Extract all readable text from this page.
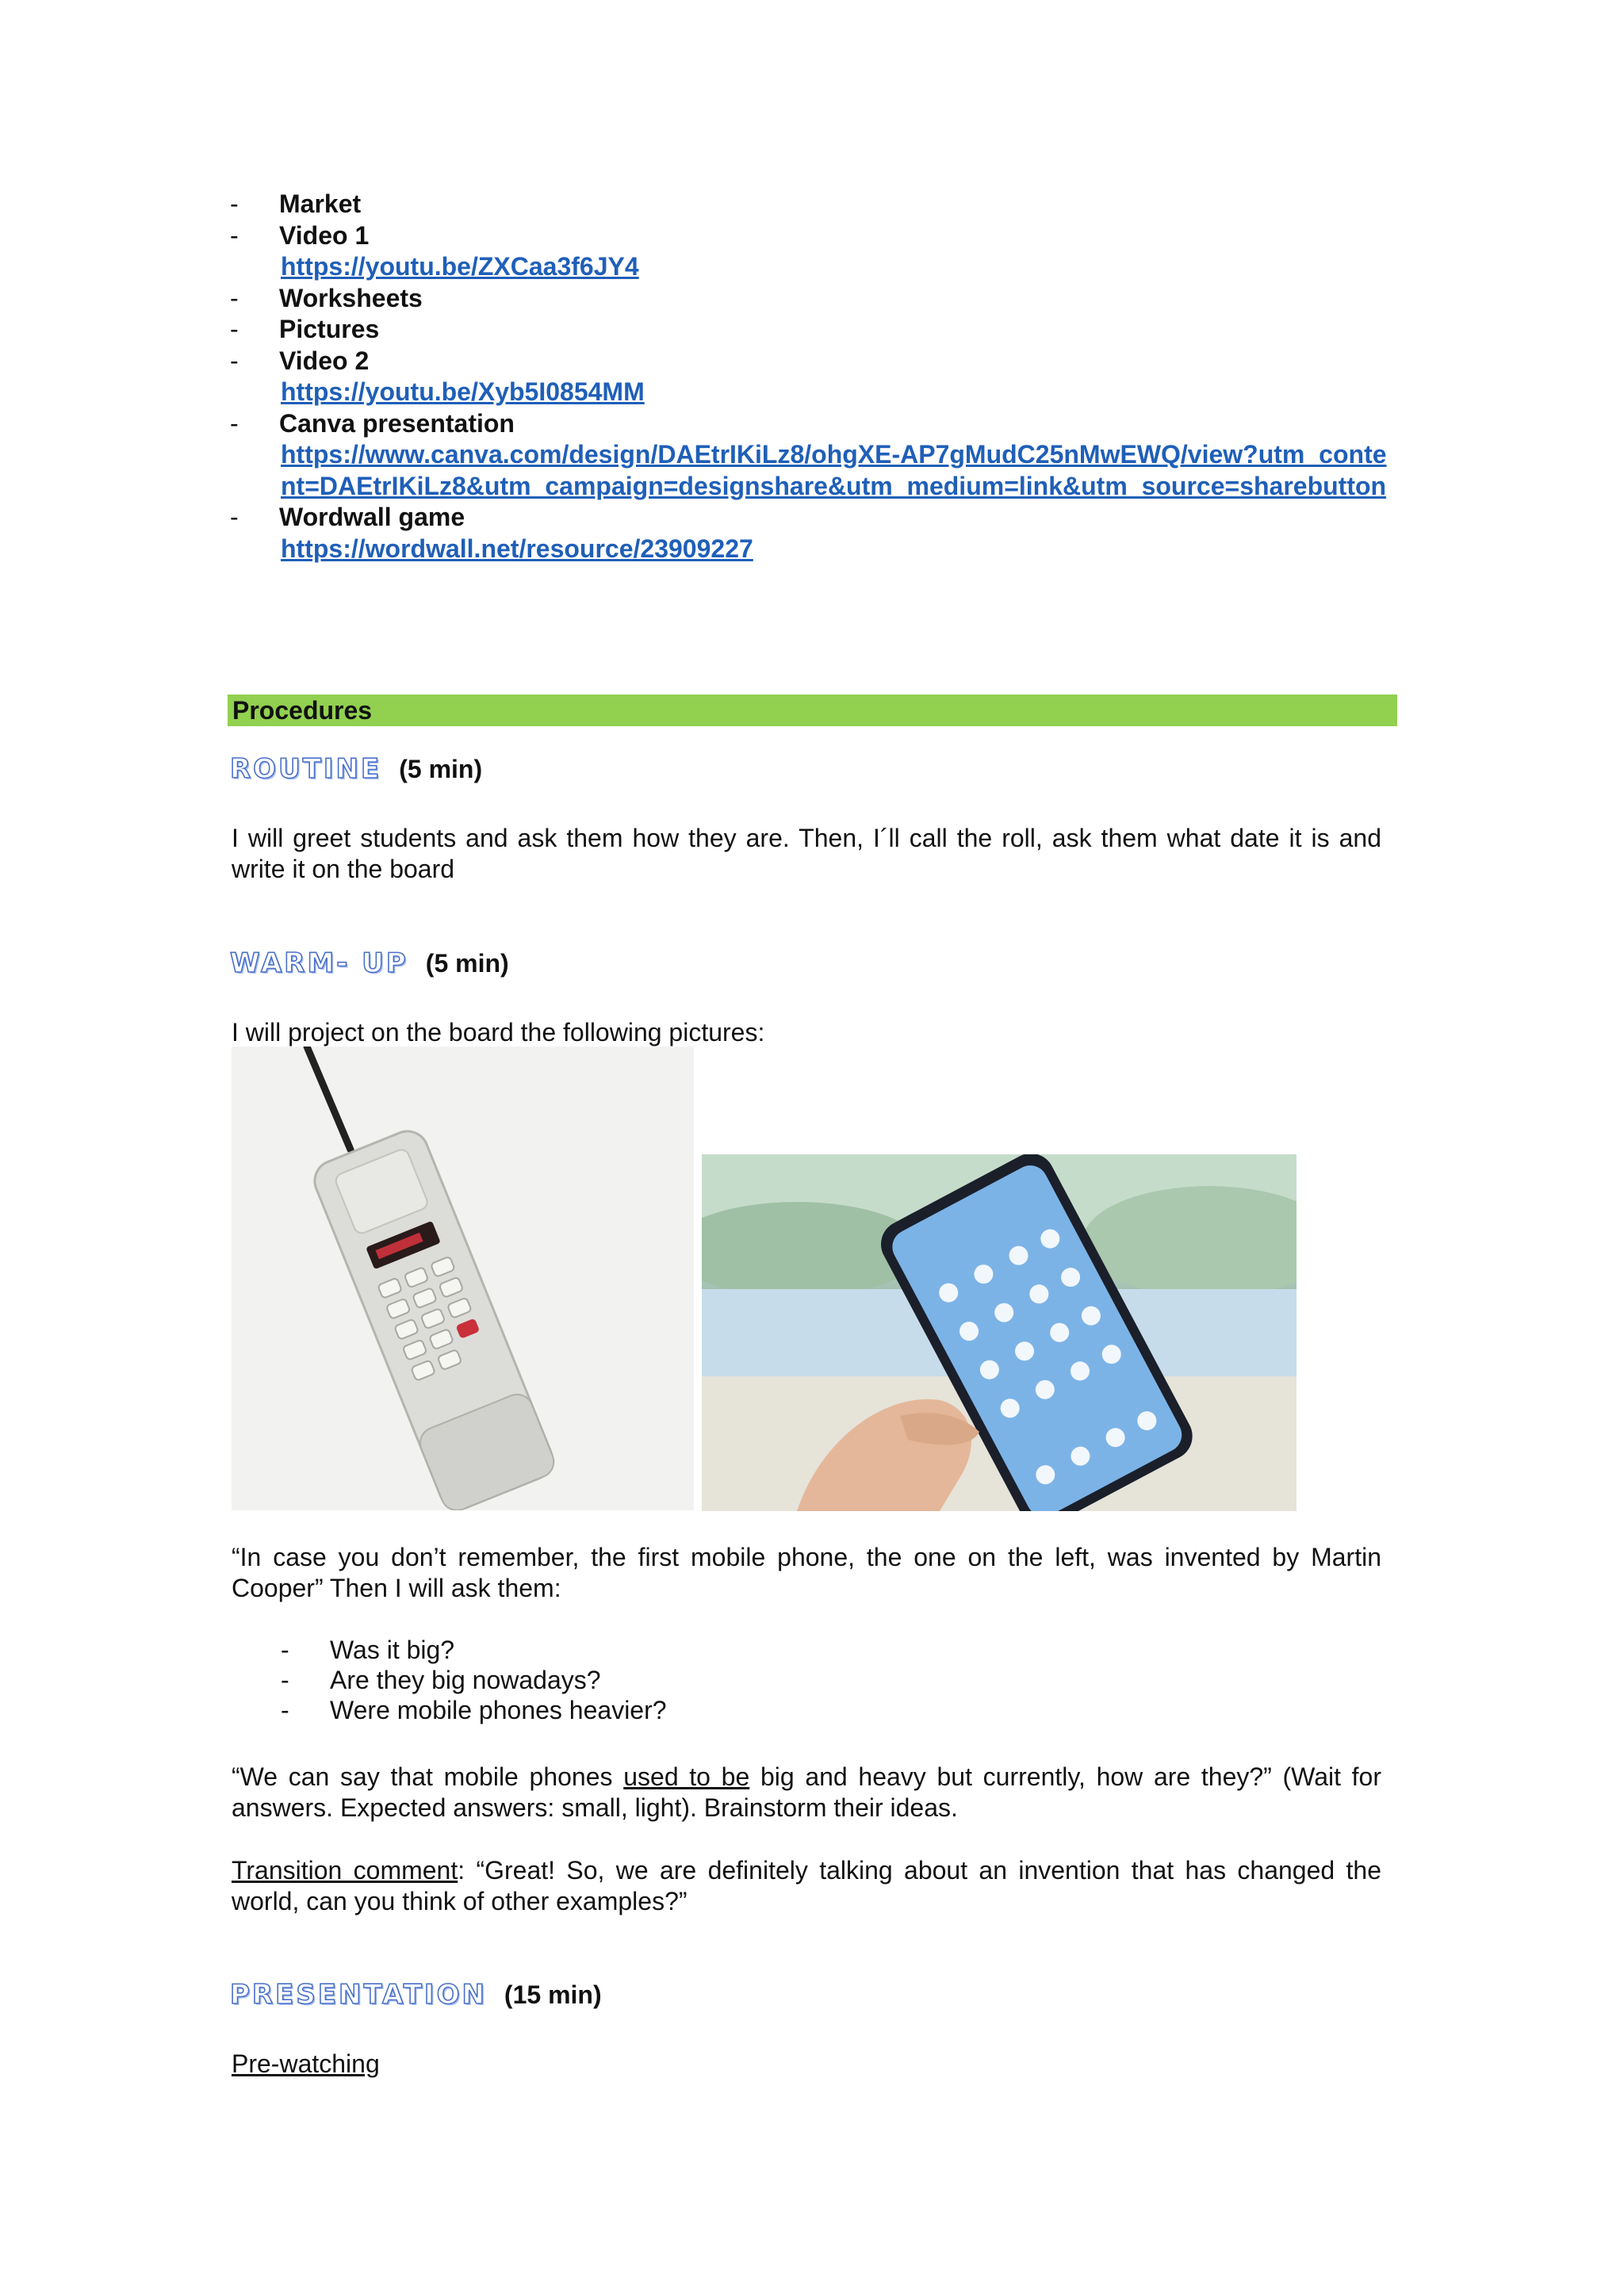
-	Market
-	Video 1
https://youtu.be/ZXCaa3f6JY4
-	Worksheets
-	Pictures
-	Video 2
https://youtu.be/Xyb5I0854MM
-	Canva presentation
https://www.canva.com/design/DAEtrIKiLz8/ohgXE-AP7gMudC25nMwEWQ/view?utm_content=DAEtrIKiLz8&utm_campaign=designshare&utm_medium=link&utm_source=sharebutton
-	Wordwall game
https://wordwall.net/resource/23909227
Procedures
ROUTINE (5 min)
I will greet students and ask them how they are. Then, I´ll call the roll, ask them what date it is and write it on the board
WARM- UP (5 min)
I will project on the board the following pictures:
“In case you don’t remember, the first mobile phone, the one on the left, was invented by Martin Cooper” Then I will ask them:
-	Was it big?
-	Are they big nowadays?
-	Were mobile phones heavier?
“We can say that mobile phones used to be big and heavy but currently, how are they?” (Wait for answers. Expected answers: small, light). Brainstorm their ideas.
Transition comment: “Great! So, we are definitely talking about an invention that has changed the world, can you think of other examples?”
PRESENTATION (15 min)
Pre-watching
